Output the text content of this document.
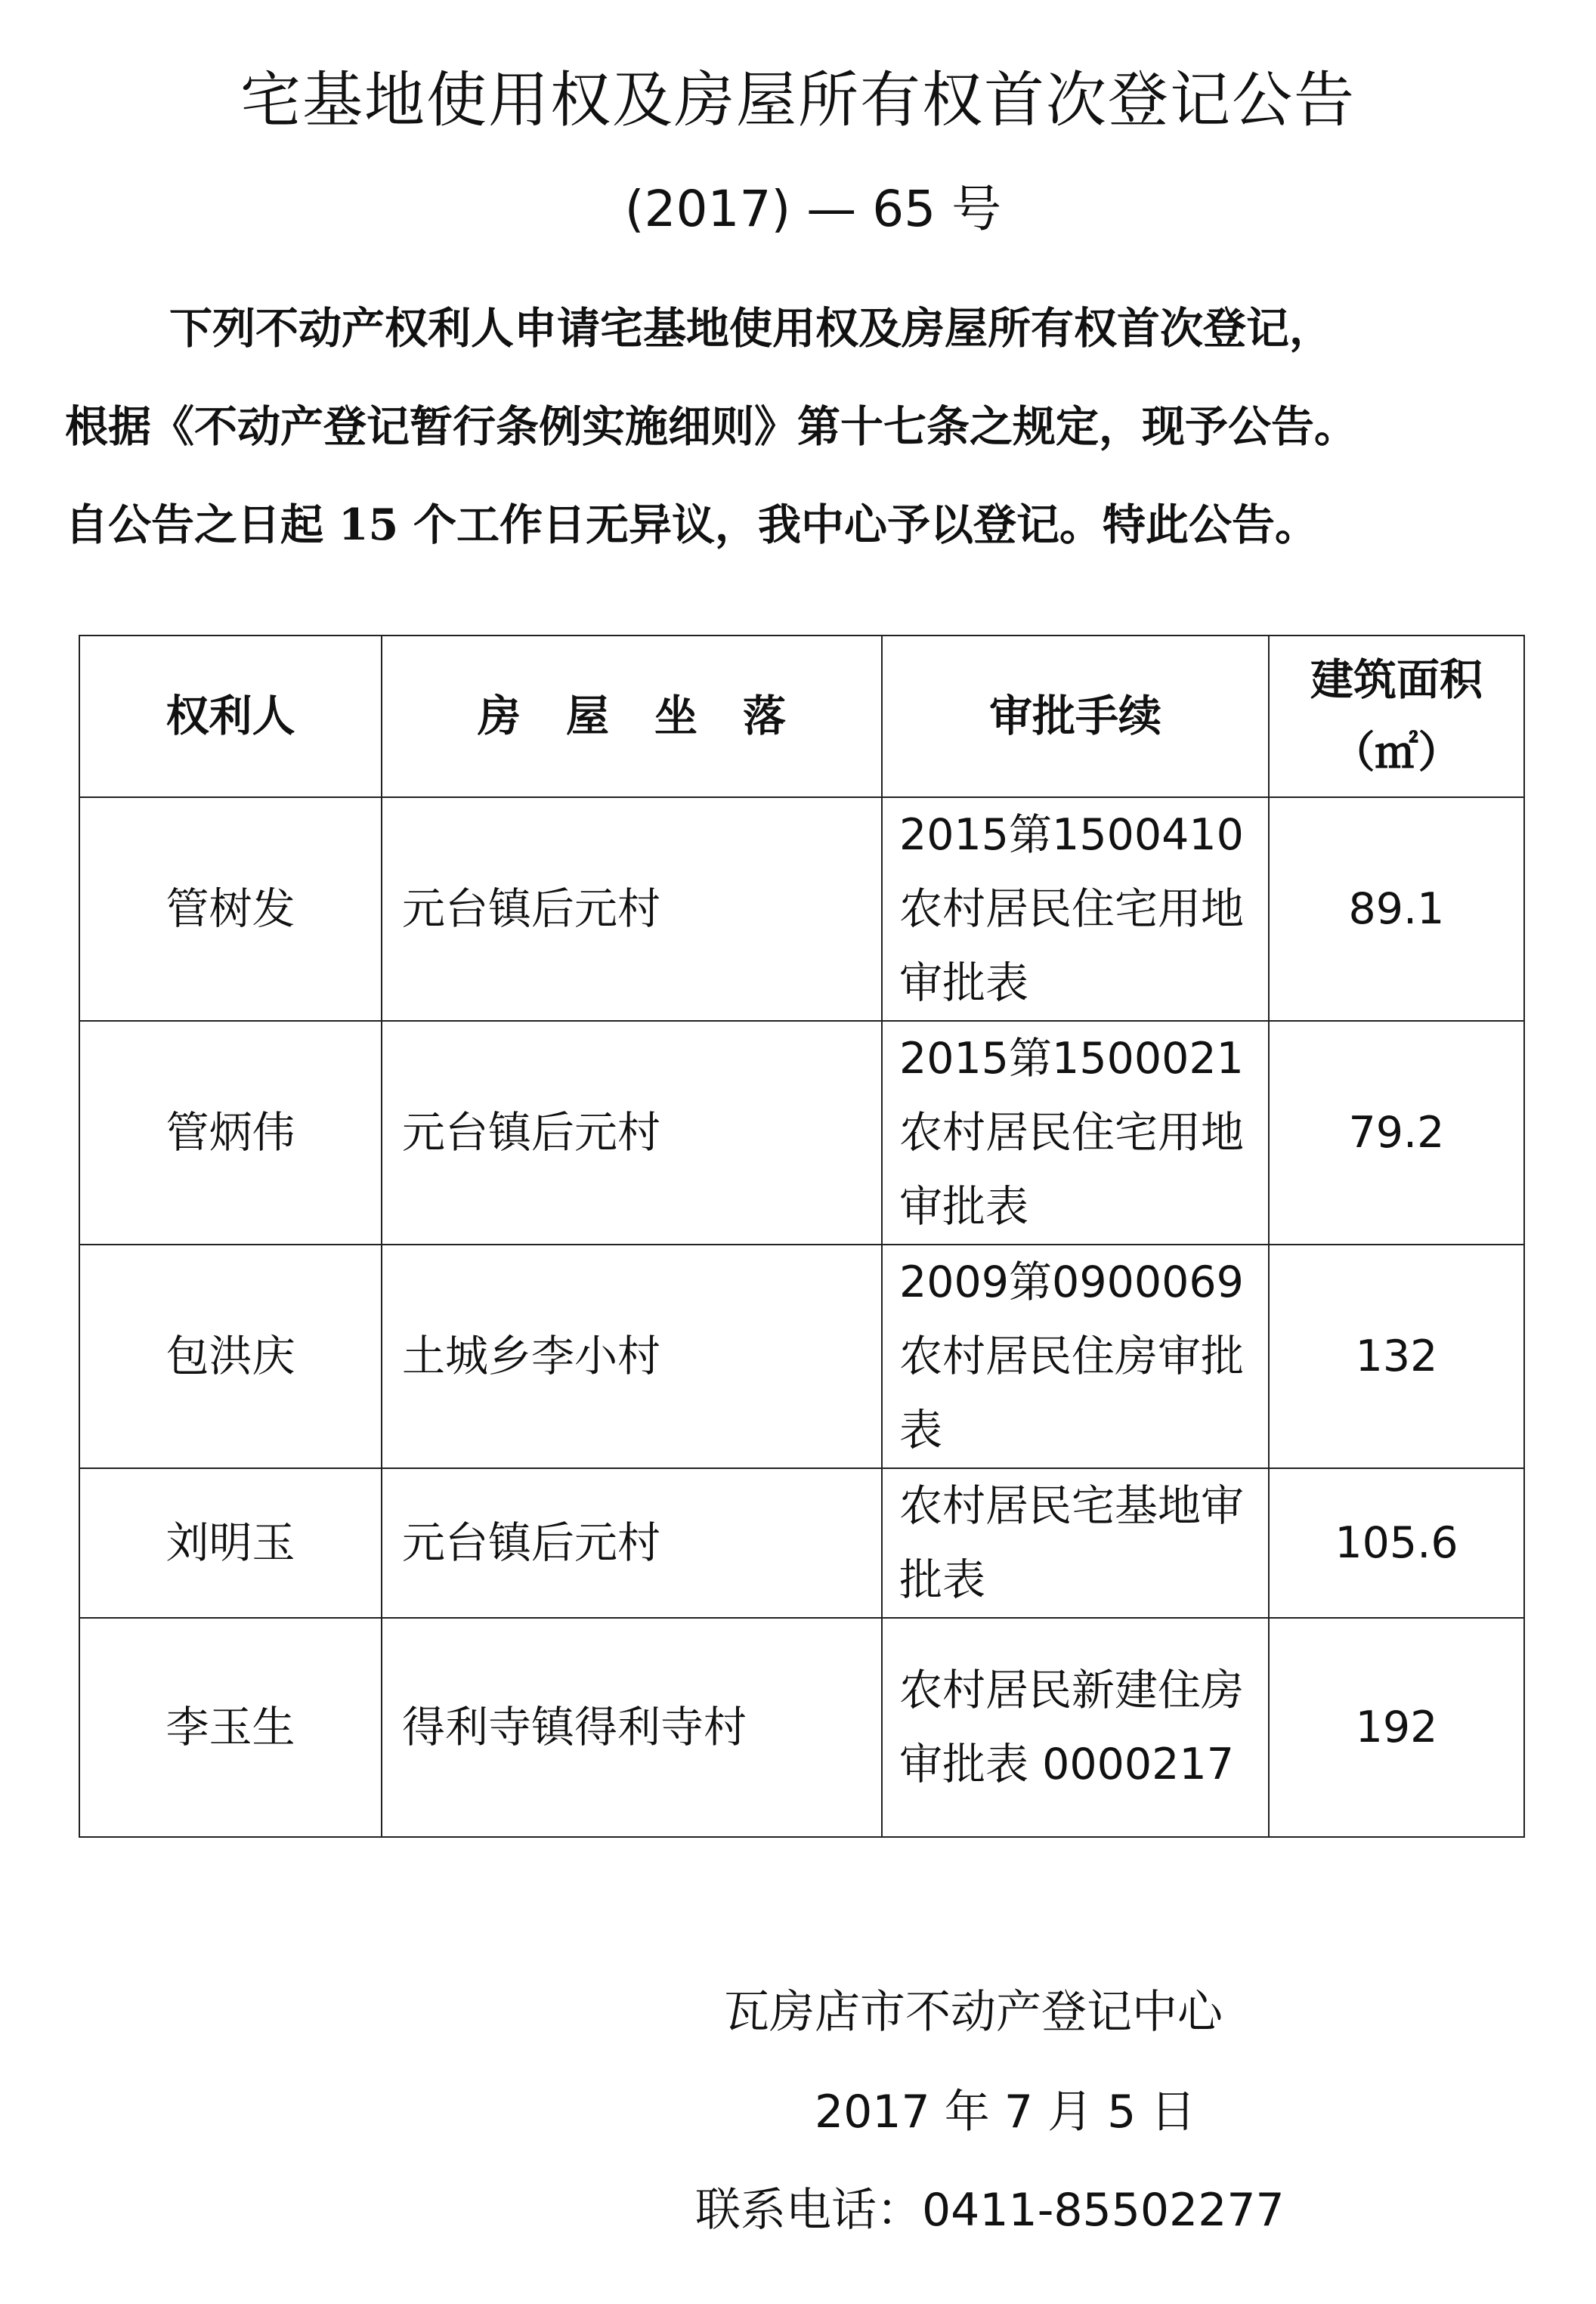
宅基地使用权及房屋所有权首次登记公告
(2017) — 65 号

下列不动产权利人申请宅基地使用权及房屋所有权首次登记，
根据《不动产登记暂行条例实施细则》第十七条之规定，现予公告。
自公告之日起 15 个工作日无异议，我中心予以登记。特此公告。

权利人	房屋坐落	审批手续	建筑面积
（㎡）
管树发	元台镇后元村	2015第1500410农村居民住宅用地审批表	89.1
管炳伟	元台镇后元村	2015第1500021农村居民住宅用地审批表	79.2
包洪庆	土城乡李小村	2009第0900069农村居民住房审批表	132
刘明玉	元台镇后元村	农村居民宅基地审批表	105.6
李玉生	得利寺镇得利寺村	农村居民新建住房审批表 0000217	192
瓦房店市不动产登记中心
2017 年 7 月 5 日
联系电话：0411-85502277
